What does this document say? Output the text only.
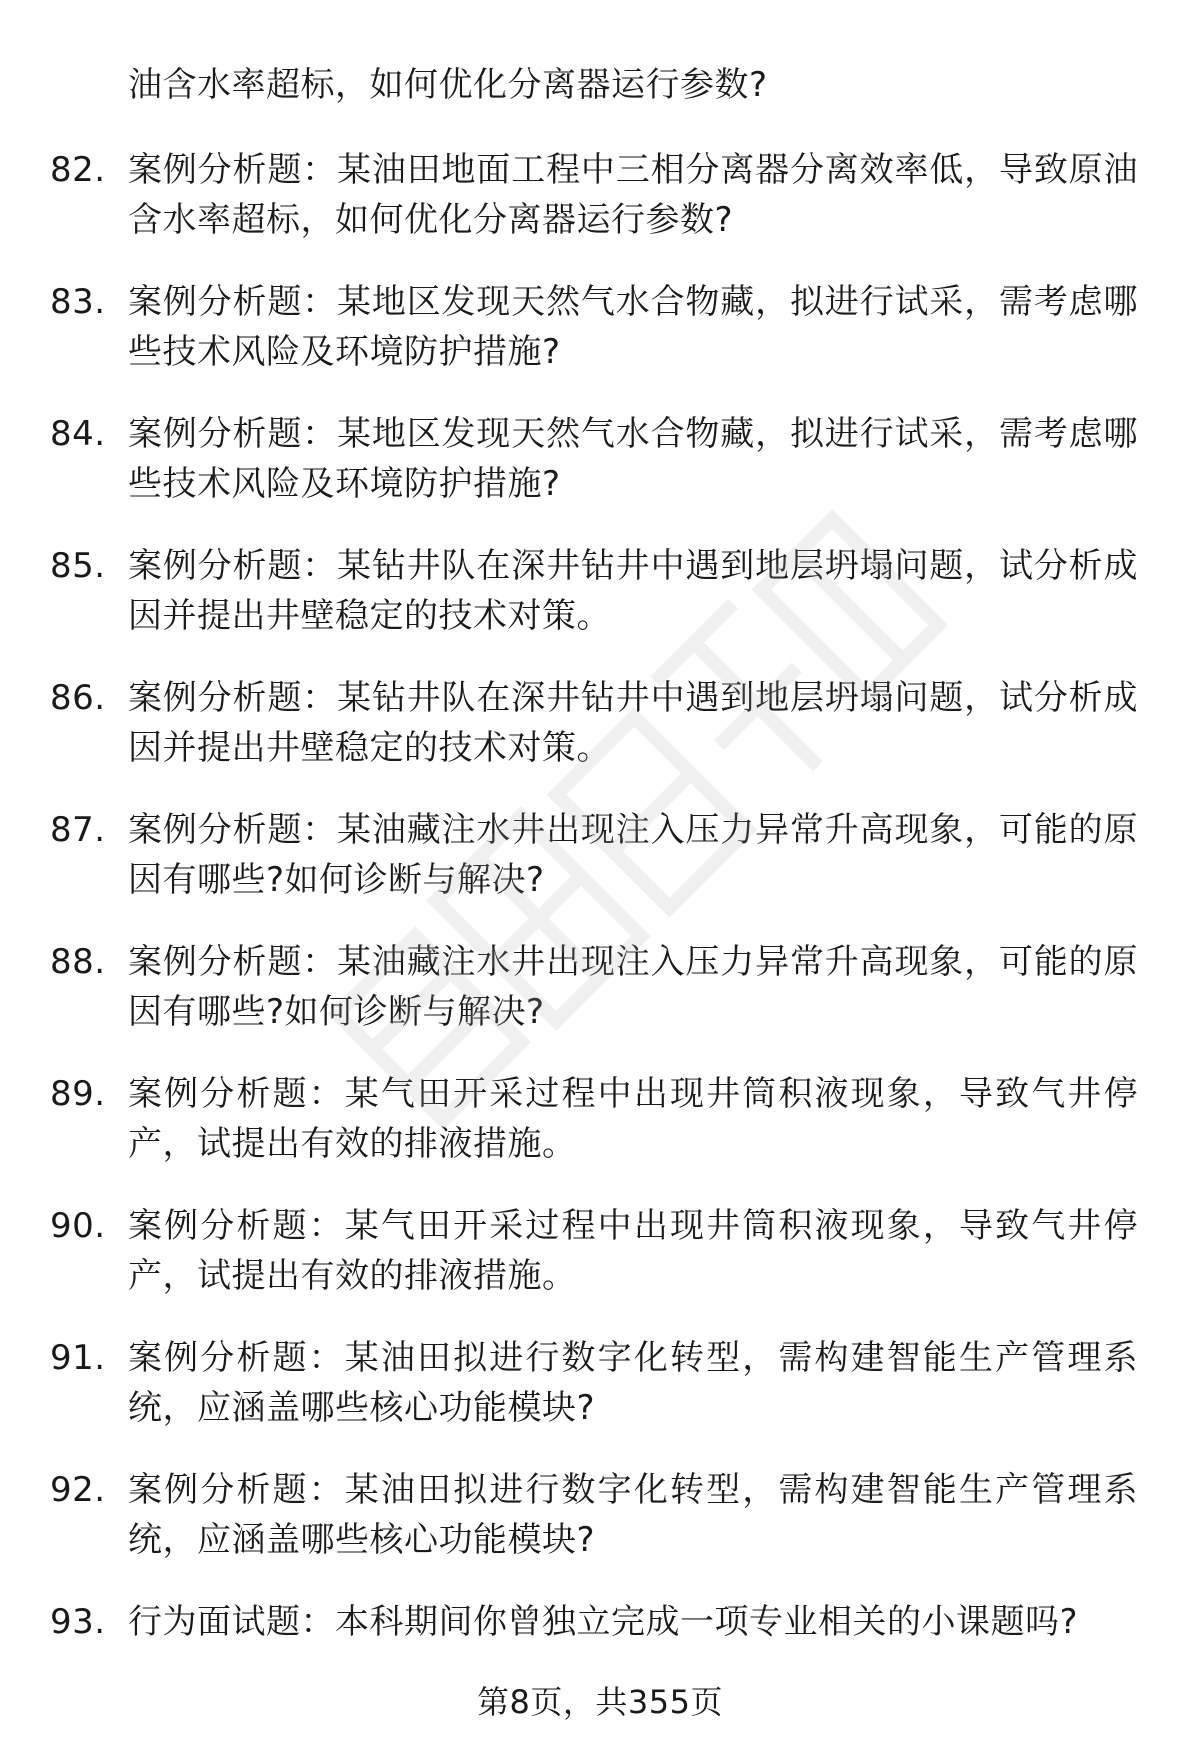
油含水率超标，如何优化分离器运行参数?
82. 案例分析题：某油田地面工程中三相分离器分离效率低，导致原油含水率超标，如何优化分离器运行参数?
83. 案例分析题：某地区发现天然气水合物藏，拟进行试采，需考虑哪些技术风险及环境防护措施?
84. 案例分析题：某地区发现天然气水合物藏，拟进行试采，需考虑哪些技术风险及环境防护措施?
85. 案例分析题：某钻井队在深井钻井中遇到地层坍塌问题，试分析成因并提出井壁稳定的技术对策。
86. 案例分析题：某钻井队在深井钻井中遇到地层坍塌问题，试分析成因并提出井壁稳定的技术对策。
87. 案例分析题：某油藏注水井出现注入压力异常升高现象，可能的原因有哪些?如何诊断与解决?
88. 案例分析题：某油藏注水井出现注入压力异常升高现象，可能的原因有哪些?如何诊断与解决?
89. 案例分析题：某气田开采过程中出现井筒积液现象，导致气井停产，试提出有效的排液措施。
90. 案例分析题：某气田开采过程中出现井筒积液现象，导致气井停产，试提出有效的排液措施。
91. 案例分析题：某油田拟进行数字化转型，需构建智能生产管理系统，应涵盖哪些核心功能模块?
92. 案例分析题：某油田拟进行数字化转型，需构建智能生产管理系统，应涵盖哪些核心功能模块?
93. 行为面试题：本科期间你曾独立完成一项专业相关的小课题吗?
第8页，共355页
